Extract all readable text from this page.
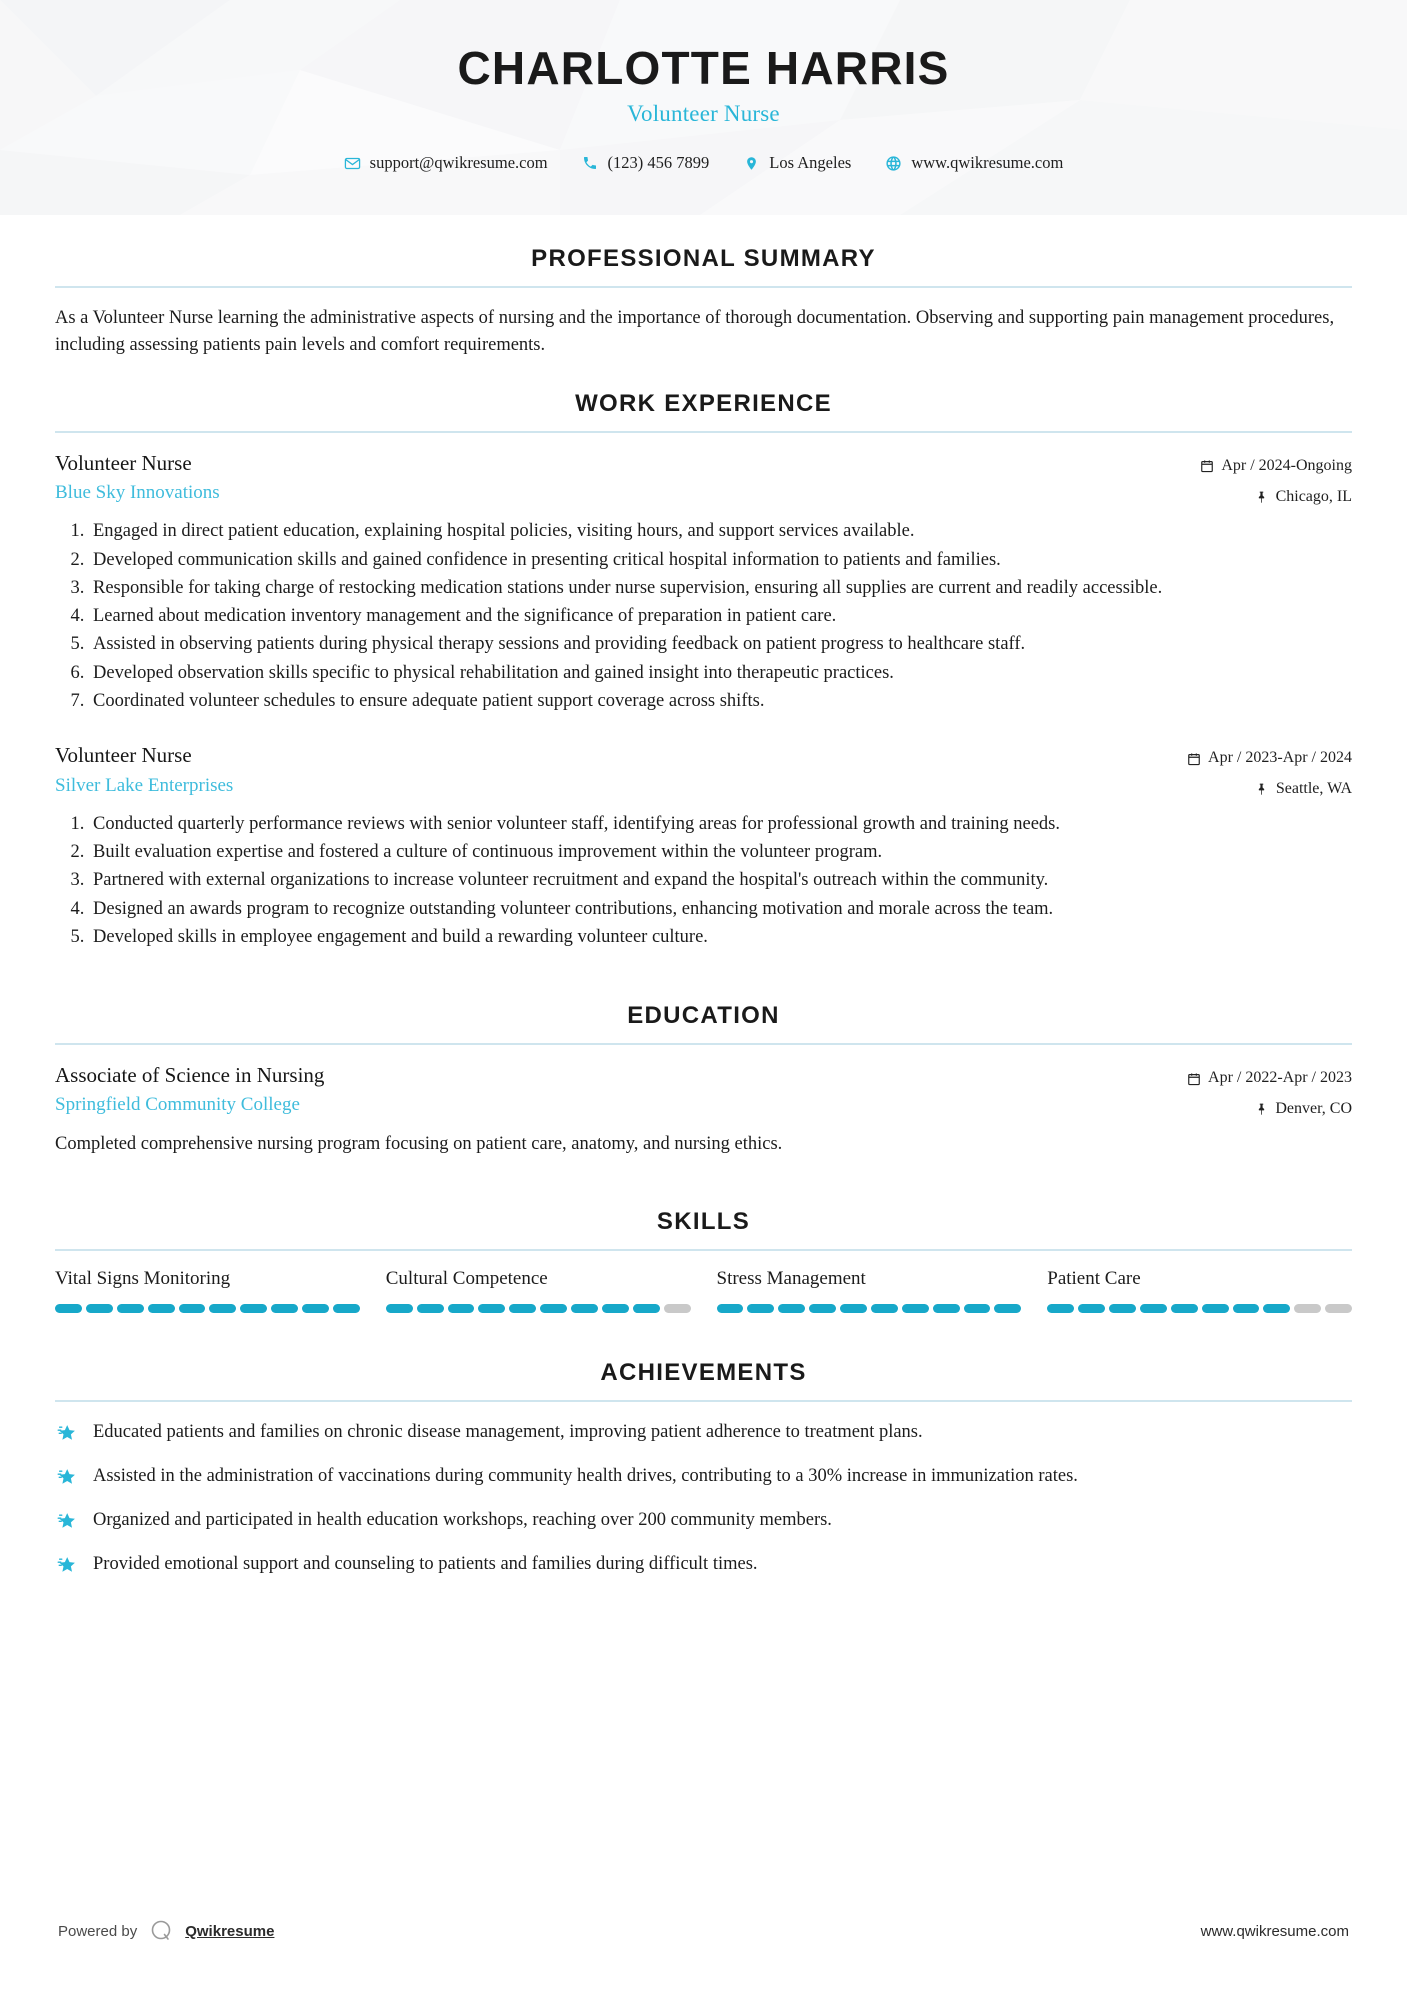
CHARLOTTE HARRIS
Volunteer Nurse
support@qwikresume.com	(123) 456 7899	Los Angeles	www.qwikresume.com
PROFESSIONAL SUMMARY
As a Volunteer Nurse learning the administrative aspects of nursing and the importance of thorough documentation. Observing and supporting pain management procedures, including assessing patients pain levels and comfort requirements.
WORK EXPERIENCE
Volunteer Nurse
Blue Sky Innovations
Apr / 2024-Ongoing
Chicago, IL
1. Engaged in direct patient education, explaining hospital policies, visiting hours, and support services available.
2. Developed communication skills and gained confidence in presenting critical hospital information to patients and families.
3. Responsible for taking charge of restocking medication stations under nurse supervision, ensuring all supplies are current and readily accessible.
4. Learned about medication inventory management and the significance of preparation in patient care.
5. Assisted in observing patients during physical therapy sessions and providing feedback on patient progress to healthcare staff.
6. Developed observation skills specific to physical rehabilitation and gained insight into therapeutic practices.
7. Coordinated volunteer schedules to ensure adequate patient support coverage across shifts.
Volunteer Nurse
Silver Lake Enterprises
Apr / 2023-Apr / 2024
Seattle, WA
1. Conducted quarterly performance reviews with senior volunteer staff, identifying areas for professional growth and training needs.
2. Built evaluation expertise and fostered a culture of continuous improvement within the volunteer program.
3. Partnered with external organizations to increase volunteer recruitment and expand the hospital's outreach within the community.
4. Designed an awards program to recognize outstanding volunteer contributions, enhancing motivation and morale across the team.
5. Developed skills in employee engagement and build a rewarding volunteer culture.
EDUCATION
Associate of Science in Nursing
Springfield Community College
Apr / 2022-Apr / 2023
Denver, CO
Completed comprehensive nursing program focusing on patient care, anatomy, and nursing ethics.
SKILLS
Vital Signs Monitoring	Cultural Competence	Stress Management	Patient Care
ACHIEVEMENTS
Educated patients and families on chronic disease management, improving patient adherence to treatment plans.
Assisted in the administration of vaccinations during community health drives, contributing to a 30% increase in immunization rates.
Organized and participated in health education workshops, reaching over 200 community members.
Provided emotional support and counseling to patients and families during difficult times.
Powered by	Qwikresume	www.qwikresume.com
